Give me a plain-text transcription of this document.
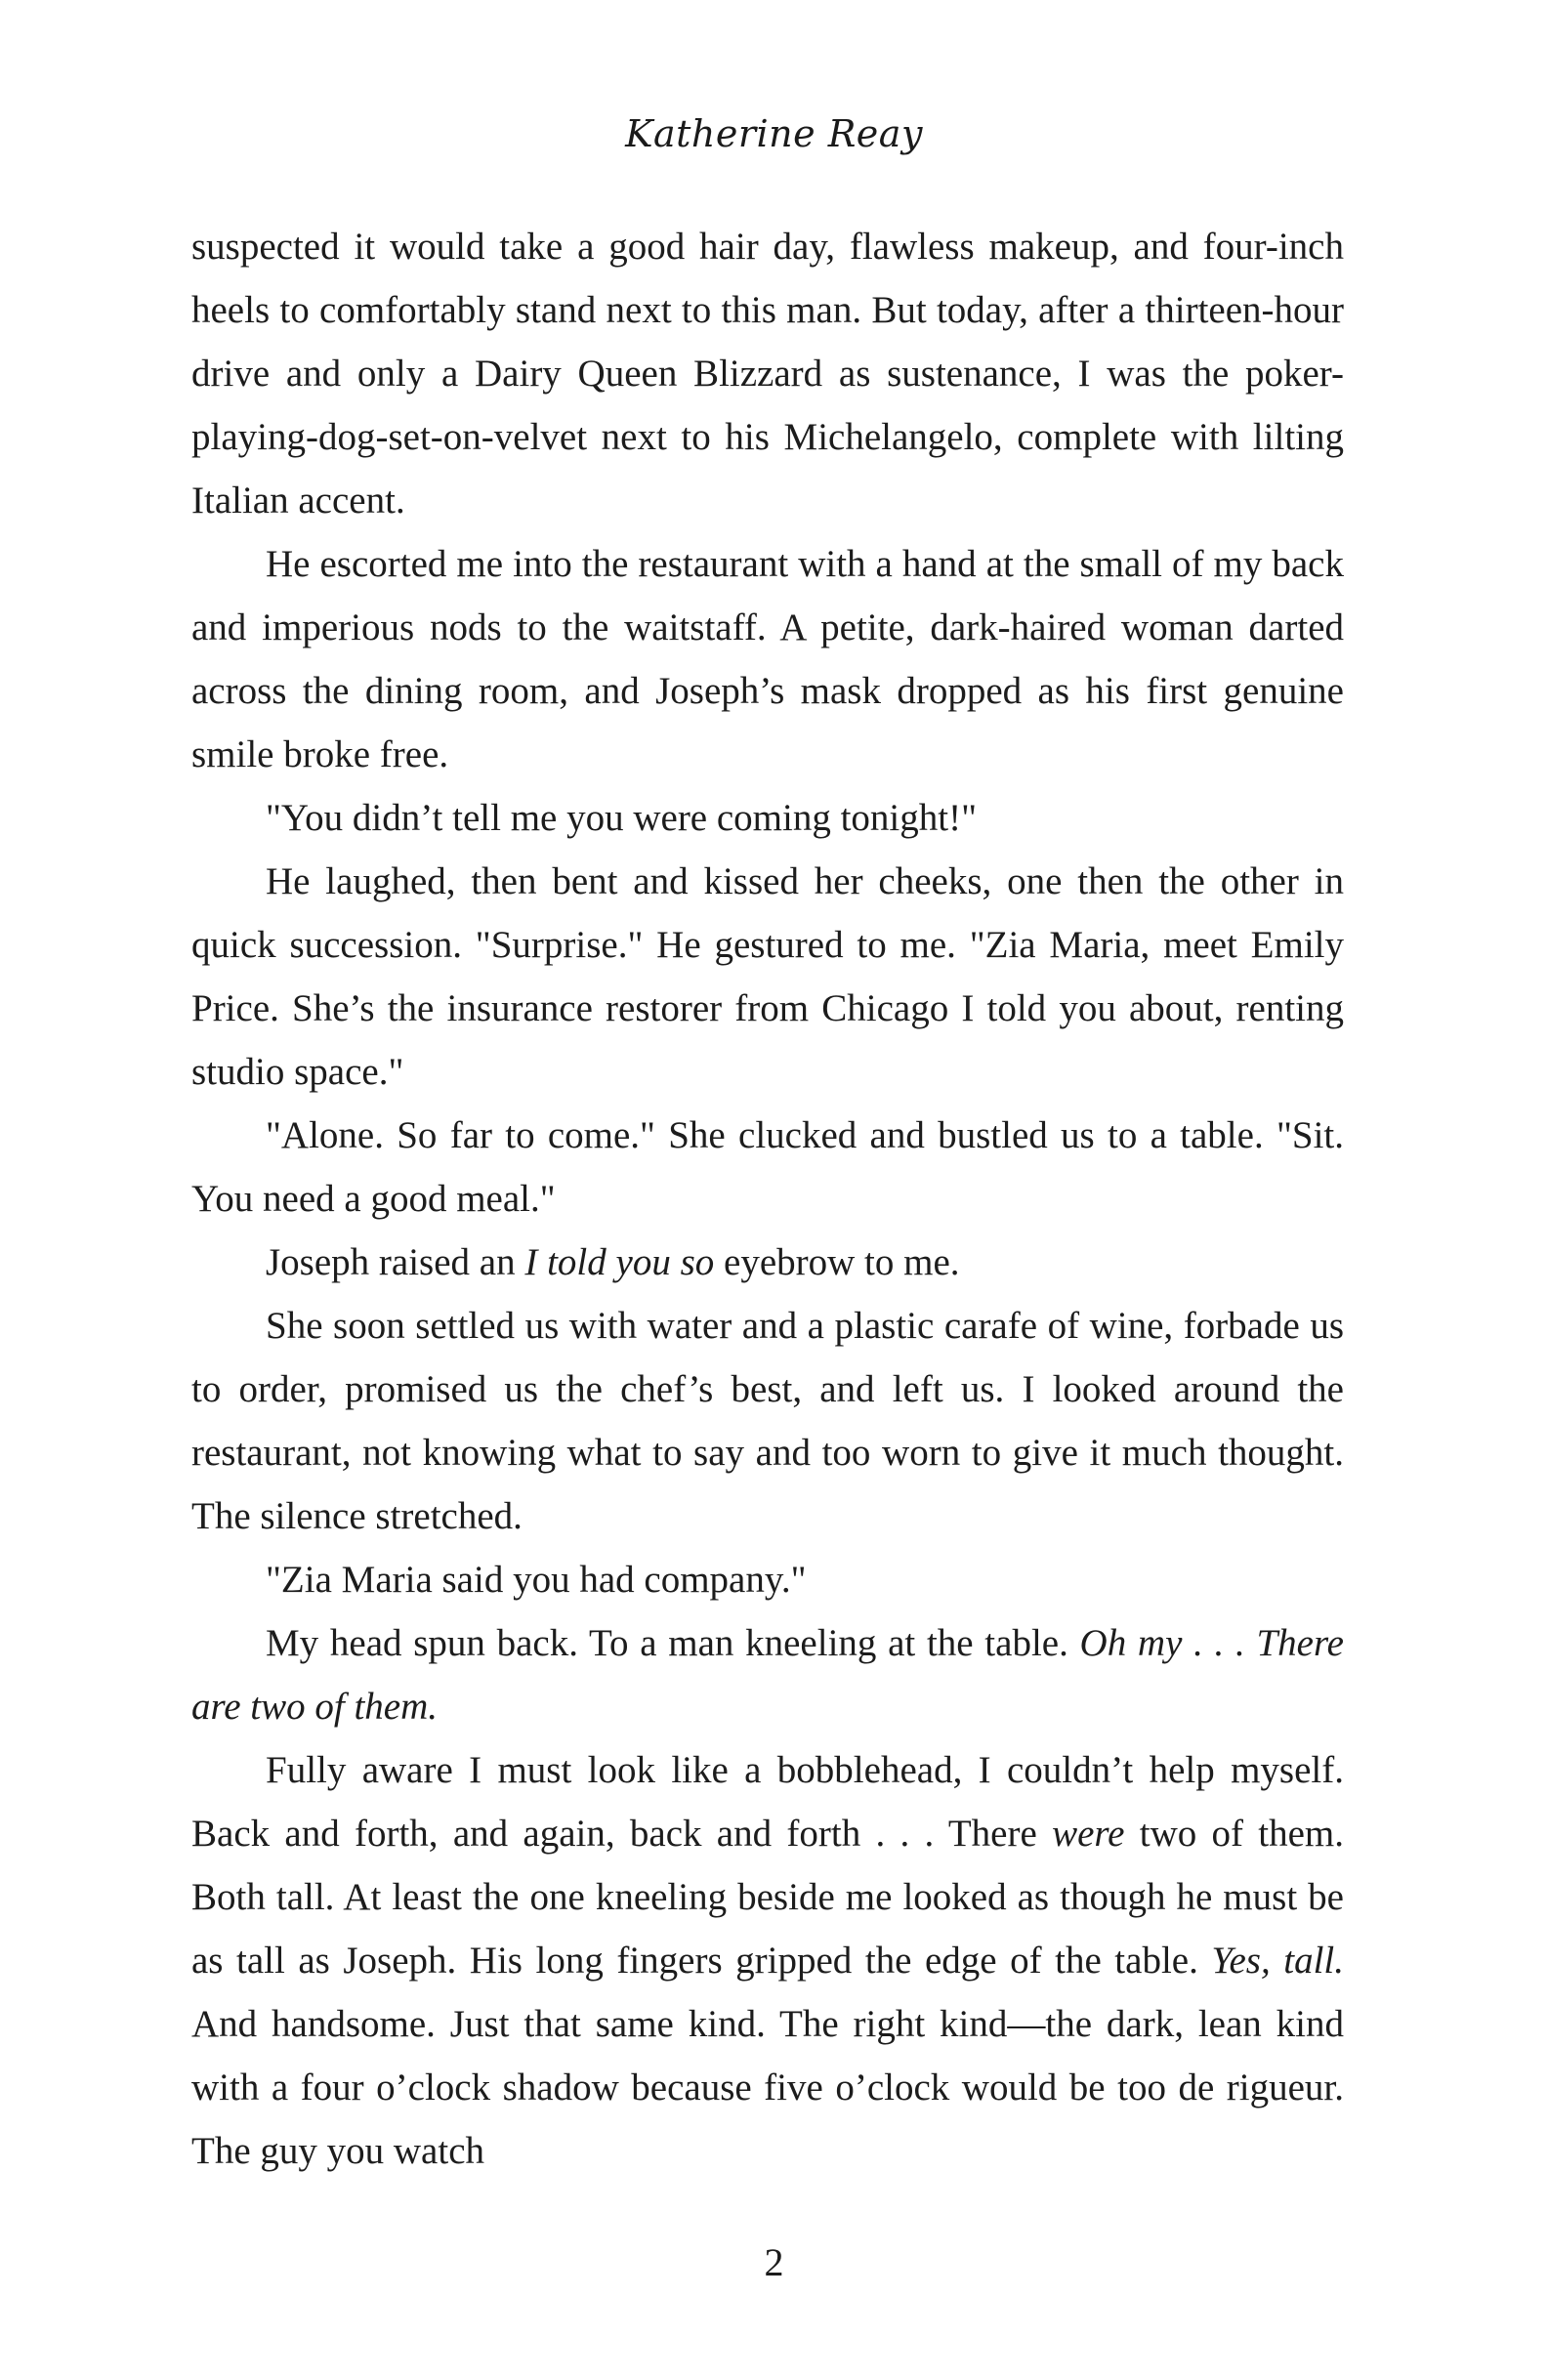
Katherine Reay

suspected it would take a good hair day, flawless makeup, and four-inch heels to comfortably stand next to this man. But today, after a thirteen-hour drive and only a Dairy Queen Blizzard as sustenance, I was the poker-playing-dog-set-on-velvet next to his Michelangelo, complete with lilting Italian accent.

He escorted me into the restaurant with a hand at the small of my back and imperious nods to the waitstaff. A petite, dark-haired woman darted across the dining room, and Joseph’s mask dropped as his first genuine smile broke free.

"You didn’t tell me you were coming tonight!"

He laughed, then bent and kissed her cheeks, one then the other in quick succession. "Surprise." He gestured to me. "Zia Maria, meet Emily Price. She’s the insurance restorer from Chicago I told you about, renting studio space."

"Alone. So far to come." She clucked and bustled us to a table. "Sit. You need a good meal."

Joseph raised an I told you so eyebrow to me.

She soon settled us with water and a plastic carafe of wine, forbade us to order, promised us the chef’s best, and left us. I looked around the restaurant, not knowing what to say and too worn to give it much thought. The silence stretched.

"Zia Maria said you had company."

My head spun back. To a man kneeling at the table. Oh my . . . There are two of them.

Fully aware I must look like a bobblehead, I couldn’t help myself. Back and forth, and again, back and forth . . . There were two of them. Both tall. At least the one kneeling beside me looked as though he must be as tall as Joseph. His long fingers gripped the edge of the table. Yes, tall. And handsome. Just that same kind. The right kind—the dark, lean kind with a four o’clock shadow because five o’clock would be too de rigueur. The guy you watch

2
